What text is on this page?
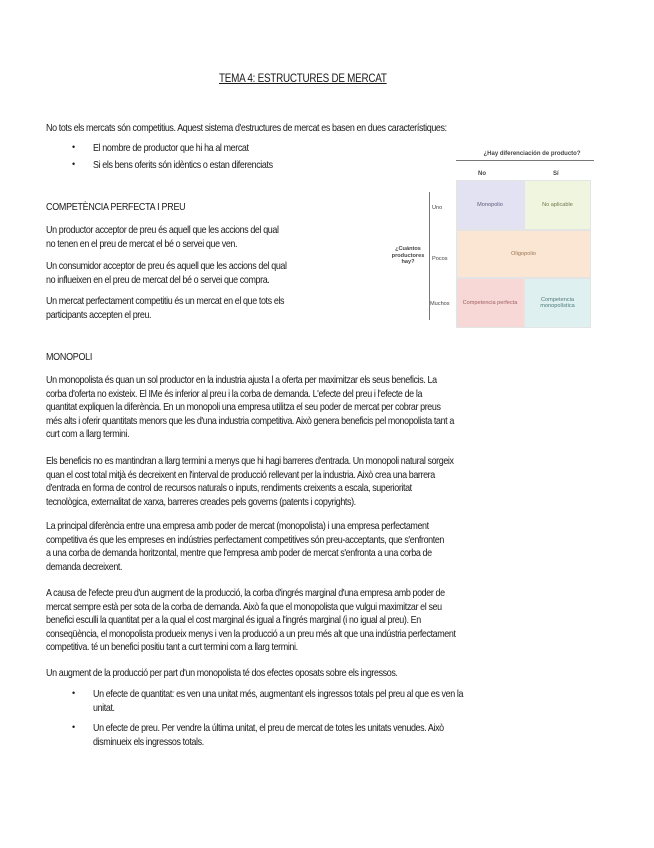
TEMA 4: ESTRUCTURES DE MERCAT
No tots els mercats són competitius. Aquest sistema d'estructures de mercat es basen en dues característiques:
• El nombre de productor que hi ha al mercat
• Si els bens oferits són idèntics o estan diferenciats
COMPETÈNCIA PERFECTA I PREU
Un productor acceptor de preu és aquell que les accions del qual
no tenen en el preu de mercat el bé o servei que ven.
Un consumidor acceptor de preu és aquell que les accions del qual
no influeixen en el preu de mercat del bé o servei que compra.
Un mercat perfectament competitiu és un mercat en el que tots els
participants accepten el preu.
¿Hay diferenciación de producto?
No	Sí
¿Cuántos productores hay?
Uno
Pocos
Muchos
Monopolio	No aplicable
Oligopolio
Competencia perfecta
Competencia monopolística
MONOPOLI
Un monopolista és quan un sol productor en la industria ajusta l a oferta per maximitzar els seus beneficis. La
corba d'oferta no existeix. El IMe és inferior al preu i la corba de demanda. L'efecte del preu i l'efecte de la
quantitat expliquen la diferència. En un monopoli una empresa utilitza el seu poder de mercat per cobrar preus
més alts i oferir quantitats menors que les d'una industria competitiva. Això genera beneficis pel monopolista tant a
curt com a llarg termini.
Els beneficis no es mantindran a llarg termini a menys que hi hagi barreres d'entrada. Un monopoli natural sorgeix
quan el cost total mitjà és decreixent en l'interval de producció rellevant per la industria. Això crea una barrera
d'entrada en forma de control de recursos naturals o inputs, rendiments creixents a escala, superioritat
tecnològica, externalitat de xarxa, barreres creades pels governs (patents i copyrights).
La principal diferència entre una empresa amb poder de mercat (monopolista) i una empresa perfectament
competitiva és que les empreses en indústries perfectament competitives són preu-acceptants, que s'enfronten
a una corba de demanda horitzontal, mentre que l'empresa amb poder de mercat s'enfronta a una corba de
demanda decreixent.
A causa de l'efecte preu d'un augment de la producció, la corba d'ingrés marginal d'una empresa amb poder de
mercat sempre està per sota de la corba de demanda. Això fa que el monopolista que vulgui maximitzar el seu
benefici esculli la quantitat per a la qual el cost marginal és igual a l'ingrés marginal (i no igual al preu). En
conseqüència, el monopolista produeix menys i ven la producció a un preu més alt que una indústria perfectament
competitiva. té un benefici positiu tant a curt termini com a llarg termini.
Un augment de la producció per part d'un monopolista té dos efectes oposats sobre els ingressos.
• Un efecte de quantitat: es ven una unitat més, augmentant els ingressos totals pel preu al que es ven la
unitat.
• Un efecte de preu. Per vendre la última unitat, el preu de mercat de totes les unitats venudes. Això
disminueix els ingressos totals.
